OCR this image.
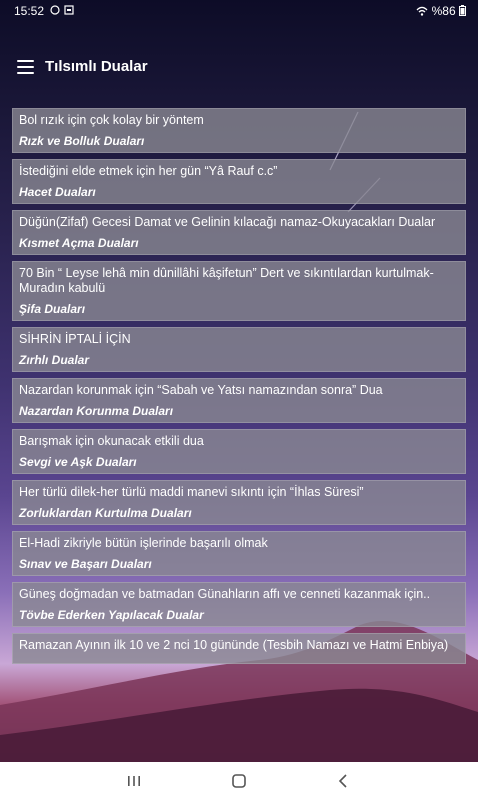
15:52	%86
Tılsımlı Dualar
Bol rızık için çok kolay bir yöntem
Rızk ve Bolluk Duaları
İstediğini elde etmek için her gün “Yâ Rauf c.c”
Hacet Duaları
Düğün(Zifaf) Gecesi Damat ve Gelinin kılacağı namaz-Okuyacakları Dualar
Kısmet Açma Duaları
70 Bin “ Leyse lehâ min dûnillâhi kâşifetun” Dert ve sıkıntılardan kurtulmak-Muradın kabulü
Şifa Duaları
SİHRİN İPTALİ İÇİN
Zırhlı Dualar
Nazardan korunmak için “Sabah ve Yatsı namazından sonra” Dua
Nazardan Korunma Duaları
Barışmak için okunacak etkili dua
Sevgi ve Aşk Duaları
Her türlü dilek-her türlü maddi manevi sıkıntı için “İhlas Süresi”
Zorluklardan Kurtulma Duaları
El-Hadi zikriyle bütün işlerinde başarılı olmak
Sınav ve Başarı Duaları
Güneş doğmadan ve batmadan Günahların affı ve cenneti kazanmak için..
Tövbe Ederken Yapılacak Dualar
Ramazan Ayının ilk 10 ve 2 nci 10 gününde (Tesbih Namazı ve Hatmi Enbiya)
